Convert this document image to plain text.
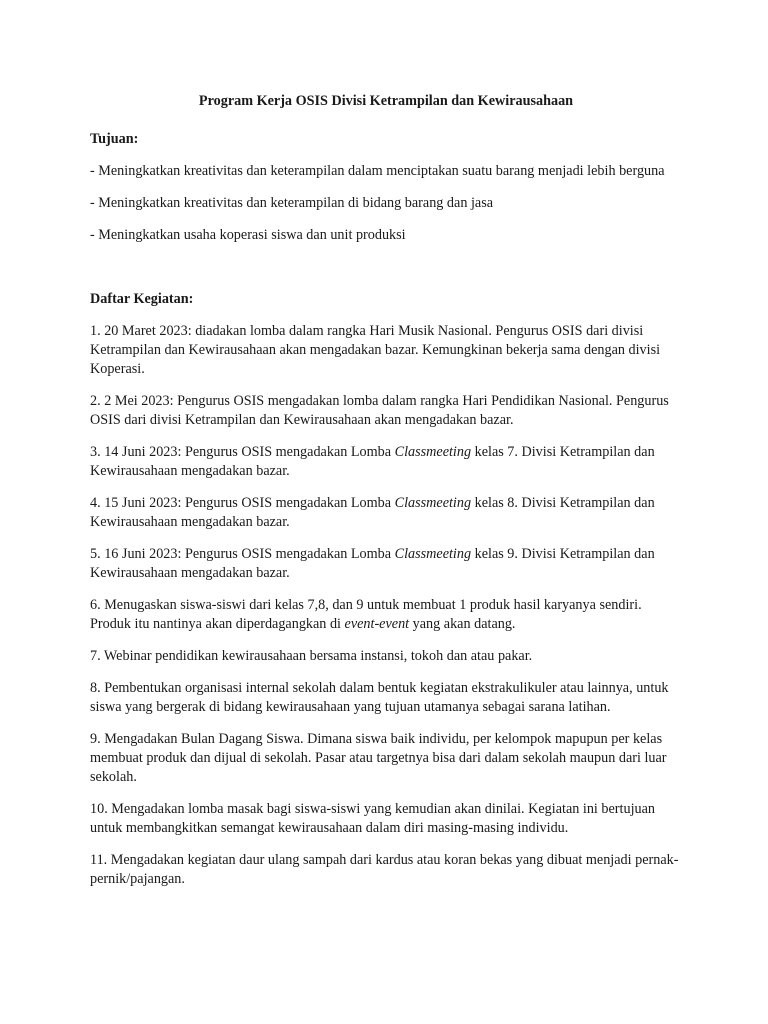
Program Kerja OSIS Divisi Ketrampilan dan Kewirausahaan

Tujuan:

- Meningkatkan kreativitas dan keterampilan dalam menciptakan suatu barang menjadi lebih berguna

- Meningkatkan kreativitas dan keterampilan di bidang barang dan jasa

- Meningkatkan usaha koperasi siswa dan unit produksi

Daftar Kegiatan:

1. 20 Maret 2023: diadakan lomba dalam rangka Hari Musik Nasional. Pengurus OSIS dari divisi Ketrampilan dan Kewirausahaan akan mengadakan bazar. Kemungkinan bekerja sama dengan divisi Koperasi.

2. 2 Mei 2023: Pengurus OSIS mengadakan lomba dalam rangka Hari Pendidikan Nasional. Pengurus OSIS dari divisi Ketrampilan dan Kewirausahaan akan mengadakan bazar.

3. 14 Juni 2023: Pengurus OSIS mengadakan Lomba Classmeeting kelas 7. Divisi Ketrampilan dan Kewirausahaan mengadakan bazar.

4. 15 Juni 2023: Pengurus OSIS mengadakan Lomba Classmeeting kelas 8. Divisi Ketrampilan dan Kewirausahaan mengadakan bazar.

5. 16 Juni 2023: Pengurus OSIS mengadakan Lomba Classmeeting kelas 9. Divisi Ketrampilan dan Kewirausahaan mengadakan bazar.

6. Menugaskan siswa-siswi dari kelas 7,8, dan 9 untuk membuat 1 produk hasil karyanya sendiri. Produk itu nantinya akan diperdagangkan di event-event yang akan datang.

7. Webinar pendidikan kewirausahaan bersama instansi, tokoh dan atau pakar.

8. Pembentukan organisasi internal sekolah dalam bentuk kegiatan ekstrakulikuler atau lainnya, untuk siswa yang bergerak di bidang kewirausahaan yang tujuan utamanya sebagai sarana latihan.

9. Mengadakan Bulan Dagang Siswa. Dimana siswa baik individu, per kelompok mapupun per kelas membuat produk dan dijual di sekolah. Pasar atau targetnya bisa dari dalam sekolah maupun dari luar sekolah.

10. Mengadakan lomba masak bagi siswa-siswi yang kemudian akan dinilai. Kegiatan ini bertujuan untuk membangkitkan semangat kewirausahaan dalam diri masing-masing individu.

11. Mengadakan kegiatan daur ulang sampah dari kardus atau koran bekas yang dibuat menjadi pernak-pernik/pajangan.
